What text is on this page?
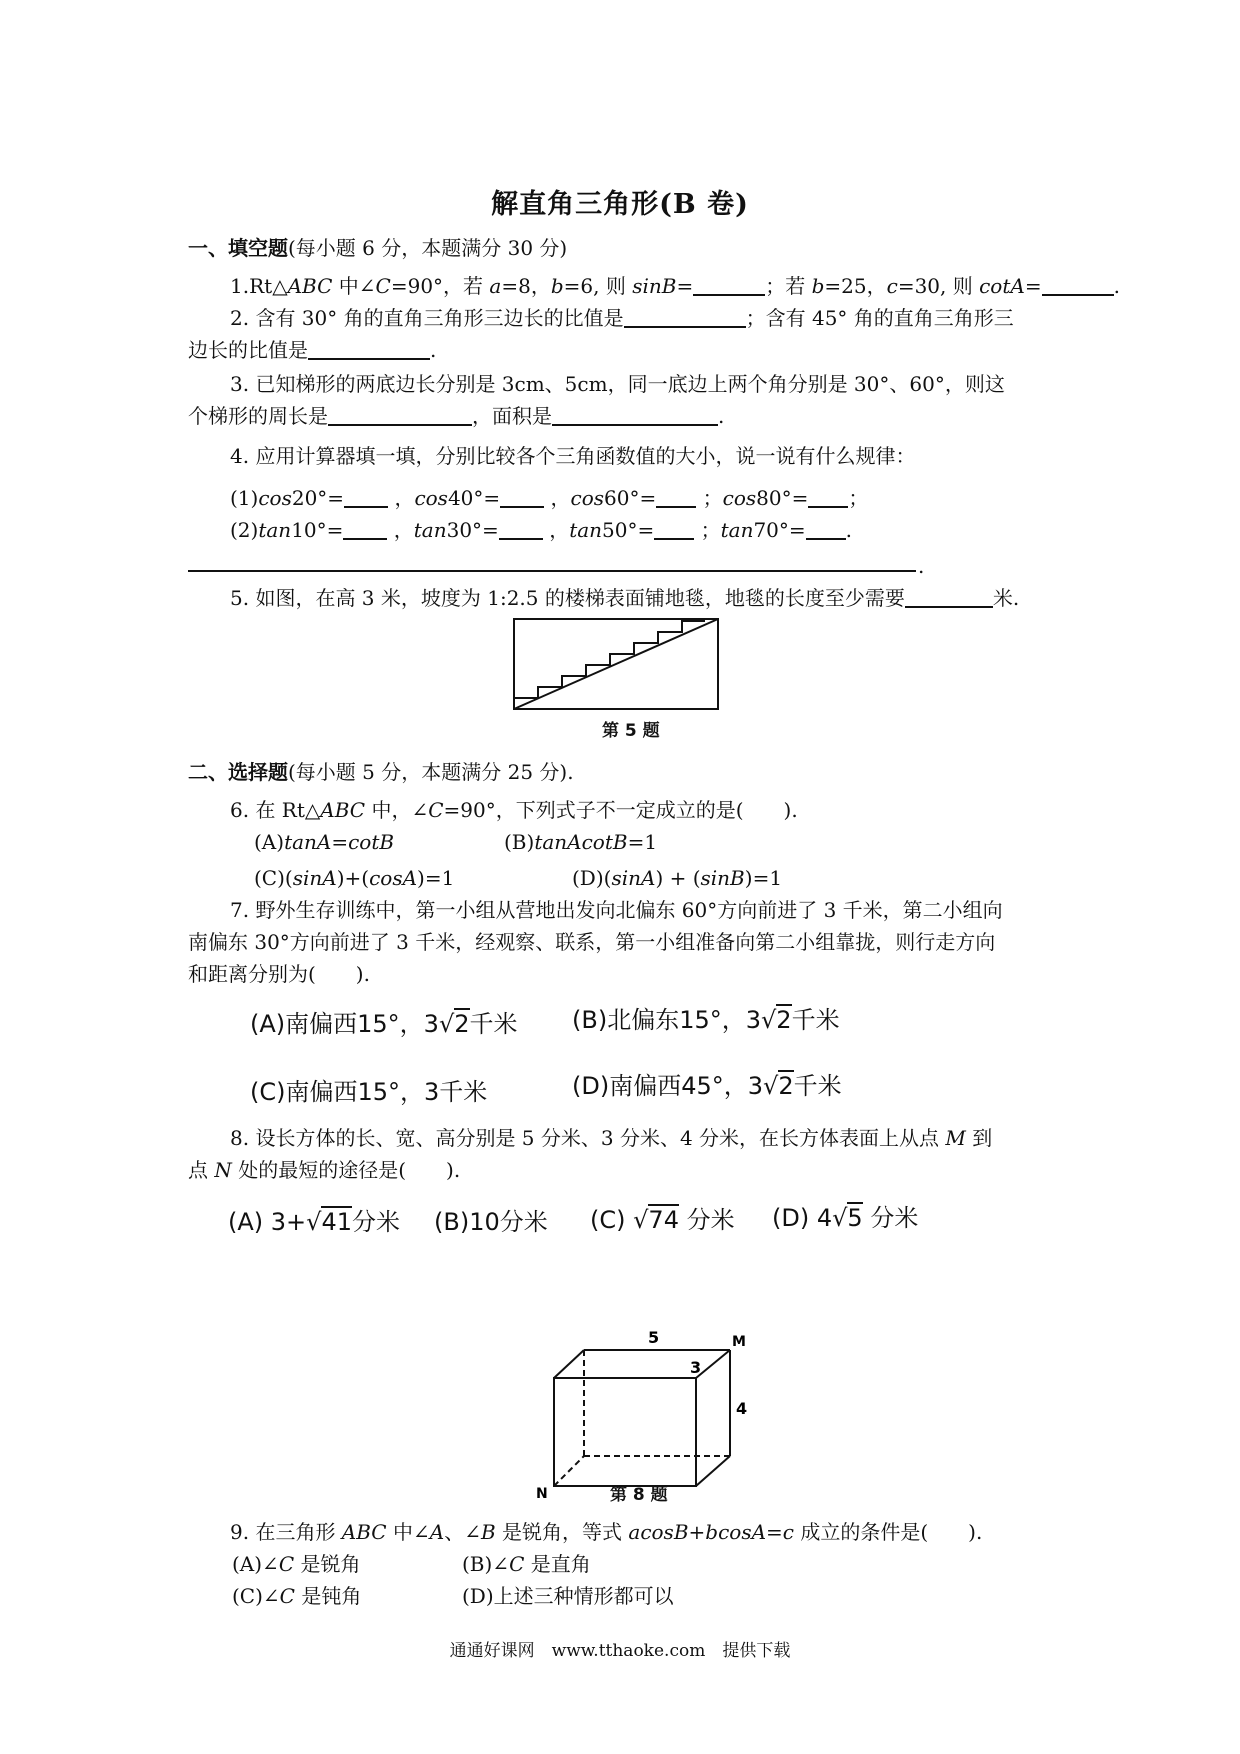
解直角三角形(B 卷)
一、填空题(每小题 6 分，本题满分 30 分)
1.Rt△ABC 中∠C=90°，若 a=8，b=6, 则 sinB=	；若 b=25，c=30, 则 cotA=	.
2. 含有 30° 角的直角三角形三边长的比值是	；含有 45° 角的直角三角形三
边长的比值是	.
3. 已知梯形的两底边长分别是 3cm、5cm，同一底边上两个角分别是 30°、60°，则这
个梯形的周长是	，面积是	.
4. 应用计算器填一填，分别比较各个三角函数值的大小，说一说有什么规律：
(1)cos20°=	，cos40°=	，cos60°= ；cos80°= ；
(2)tan10°=	，tan30°=	，tan50°= ；tan70°= .
.
5. 如图，在高 3 米，坡度为 1:2.5 的楼梯表面铺地毯，地毯的长度至少需要	米.
第 5 题
二、选择题(每小题 5 分，本题满分 25 分).
6. 在 Rt△ABC 中，∠C=90°，下列式子不一定成立的是(　　).
(A)tanA=cotB	(B)tanAcotB=1
(C)(sinA)+(cosA)=1	(D)(sinA) + (sinB)=1
7. 野外生存训练中，第一小组从营地出发向北偏东 60°方向前进了 3 千米，第二小组向
南偏东 30°方向前进了 3 千米，经观察、联系，第一小组准备向第二小组靠拢，则行走方向
和距离分别为(　　).
(A)南偏西15°，3√2千米 (B)北偏东15°，3√2千米
(C)南偏西15°，3千米	(D)南偏西45°，3√2千米
8. 设长方体的长、宽、高分别是 5 分米、3 分米、4 分米，在长方体表面上从点 M 到
点 N 处的最短的途径是(　　).
(A) 3+√41分米 (B)10分米 (C) √74 分米 (D) 4√5 分米
5
3
4
M
N	第 8 题
9. 在三角形 ABC 中∠A、∠B 是锐角，等式 acosB+bcosA=c 成立的条件是(　　).
(A)∠C 是锐角	(B)∠C 是直角
(C)∠C 是钝角	(D)上述三种情形都可以
通通好课网　www.tthaoke.com　提供下载
